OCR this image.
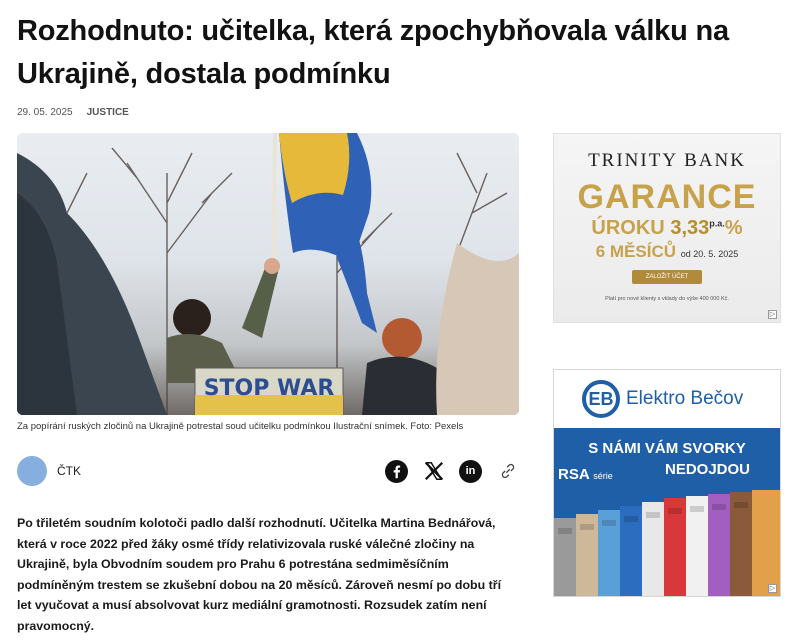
Rozhodnuto: učitelka, která zpochybňovala válku na Ukrajině, dostala podmínku
29. 05. 2025 JUSTICE
STOP WAR
Za popírání ruských zločinů na Ukrajině potrestal soud učitelku podmínkou Ilustrační snímek. Foto: Pexels
ČTK	in

Po třiletém soudním kolotoči padlo další rozhodnutí. Učitelka Martina Bednářová, která v roce 2022 před žáky osmé třídy relativizovala ruské válečné zločiny na Ukrajině, byla Obvodním soudem pro Prahu 6 potrestána sedmiměsíčním podmíněným trestem se zkušební dobou na 20 měsíců. Zároveň nesmí po dobu tří let vyučovat a musí absolvovat kurz mediální gramotnosti. Rozsudek zatím není pravomocný.

TRINITY BANK
GARANCE
ÚROKU $3,33^{p.a.}\%$
6 MĚSÍCŮ od 20. 5. 2025
ZALOŽIT ÚČET
Platí pro nové klienty s vklady do výše 400 000 Kč.
▷
EB Elektro Bečov
S NÁMI VÁM SVORKY
NEDOJDOU
RSA série
▷
